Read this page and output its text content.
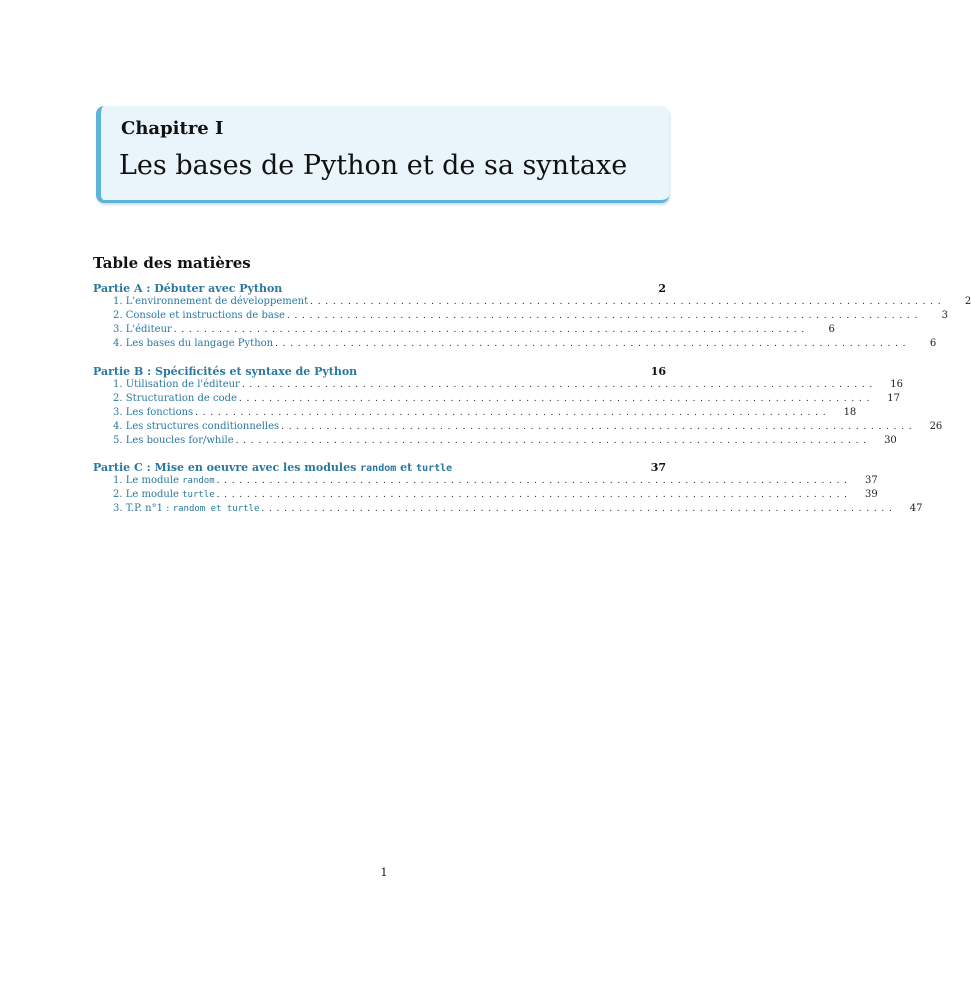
Chapitre I
Les bases de Python et de sa syntaxe
Table des matières
Partie A : Débuter avec Python	2
1. L'environnement de développement ....................................................................................	2
2. Console et instructions de base ....................................................................................	3
3. L'éditeur ....................................................................................	6
4. Les bases du langage Python ....................................................................................	6
Partie B : Spécificités et syntaxe de Python	16
1. Utilisation de l'éditeur ....................................................................................	16
2. Structuration de code ....................................................................................	17
3. Les fonctions ....................................................................................	18
4. Les structures conditionnelles ....................................................................................	26
5. Les boucles for/while ....................................................................................	30
Partie C : Mise en oeuvre avec les modules random et turtle	37
1. Le module random ....................................................................................	37
2. Le module turtle ....................................................................................	39
3. T.P. n°1 : random et turtle ....................................................................................	47
1
